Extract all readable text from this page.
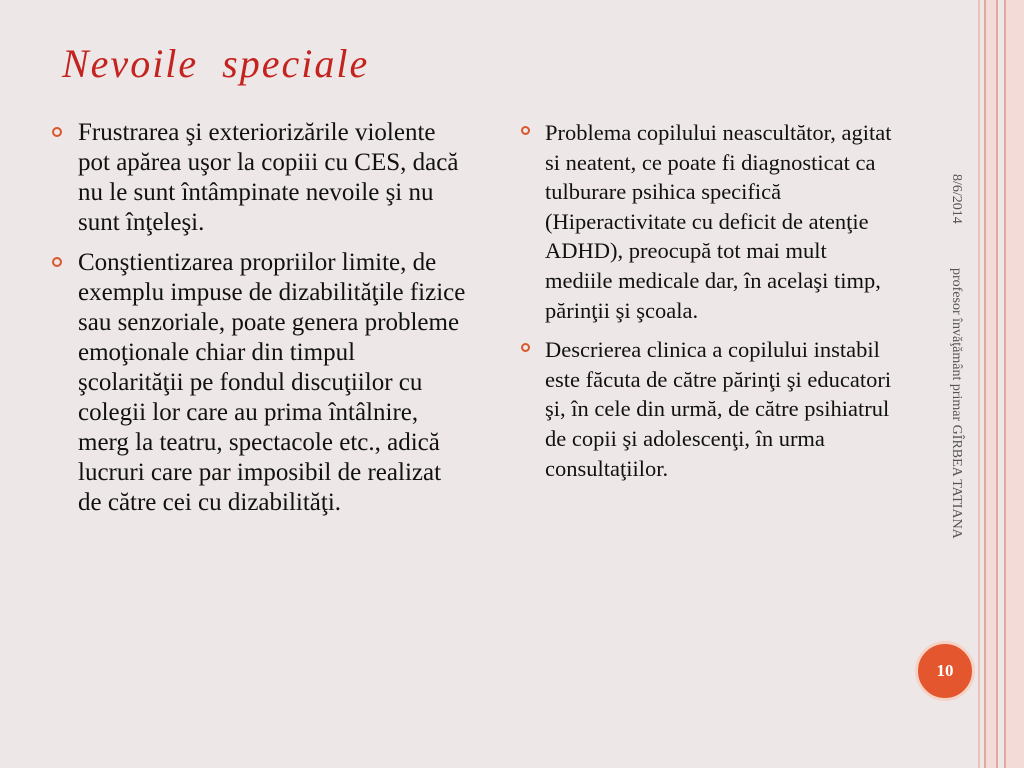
Nevoile  speciale
Frustrarea şi exteriorizările violente pot apărea uşor la copiii cu CES, dacă nu le sunt întâmpinate nevoile şi nu sunt înţeleşi.
Conştientizarea propriilor limite, de exemplu impuse de dizabilităţile fizice sau senzoriale, poate genera probleme emoţionale chiar din timpul şcolarităţii pe fondul discuţiilor cu colegii lor care au prima întâlnire, merg la teatru, spectacole etc., adică lucruri care par imposibil de realizat de către cei cu dizabilităţi.
Problema copilului neascultător, agitat si neatent, ce poate fi diagnosticat ca tulburare psihica specifică (Hiperactivitate cu deficit de atenţie ADHD), preocupă tot mai mult mediile medicale dar, în acelaşi timp, părinţii şi şcoala.
Descrierea clinica a copilului instabil este făcuta de către părinţi şi educatori şi, în cele din urmă, de către psihiatrul de copii şi adolescenţi, în urma consultaţiilor.
8/6/2014
profesor învăţământ primar GÎRBEA TATIANA
10
